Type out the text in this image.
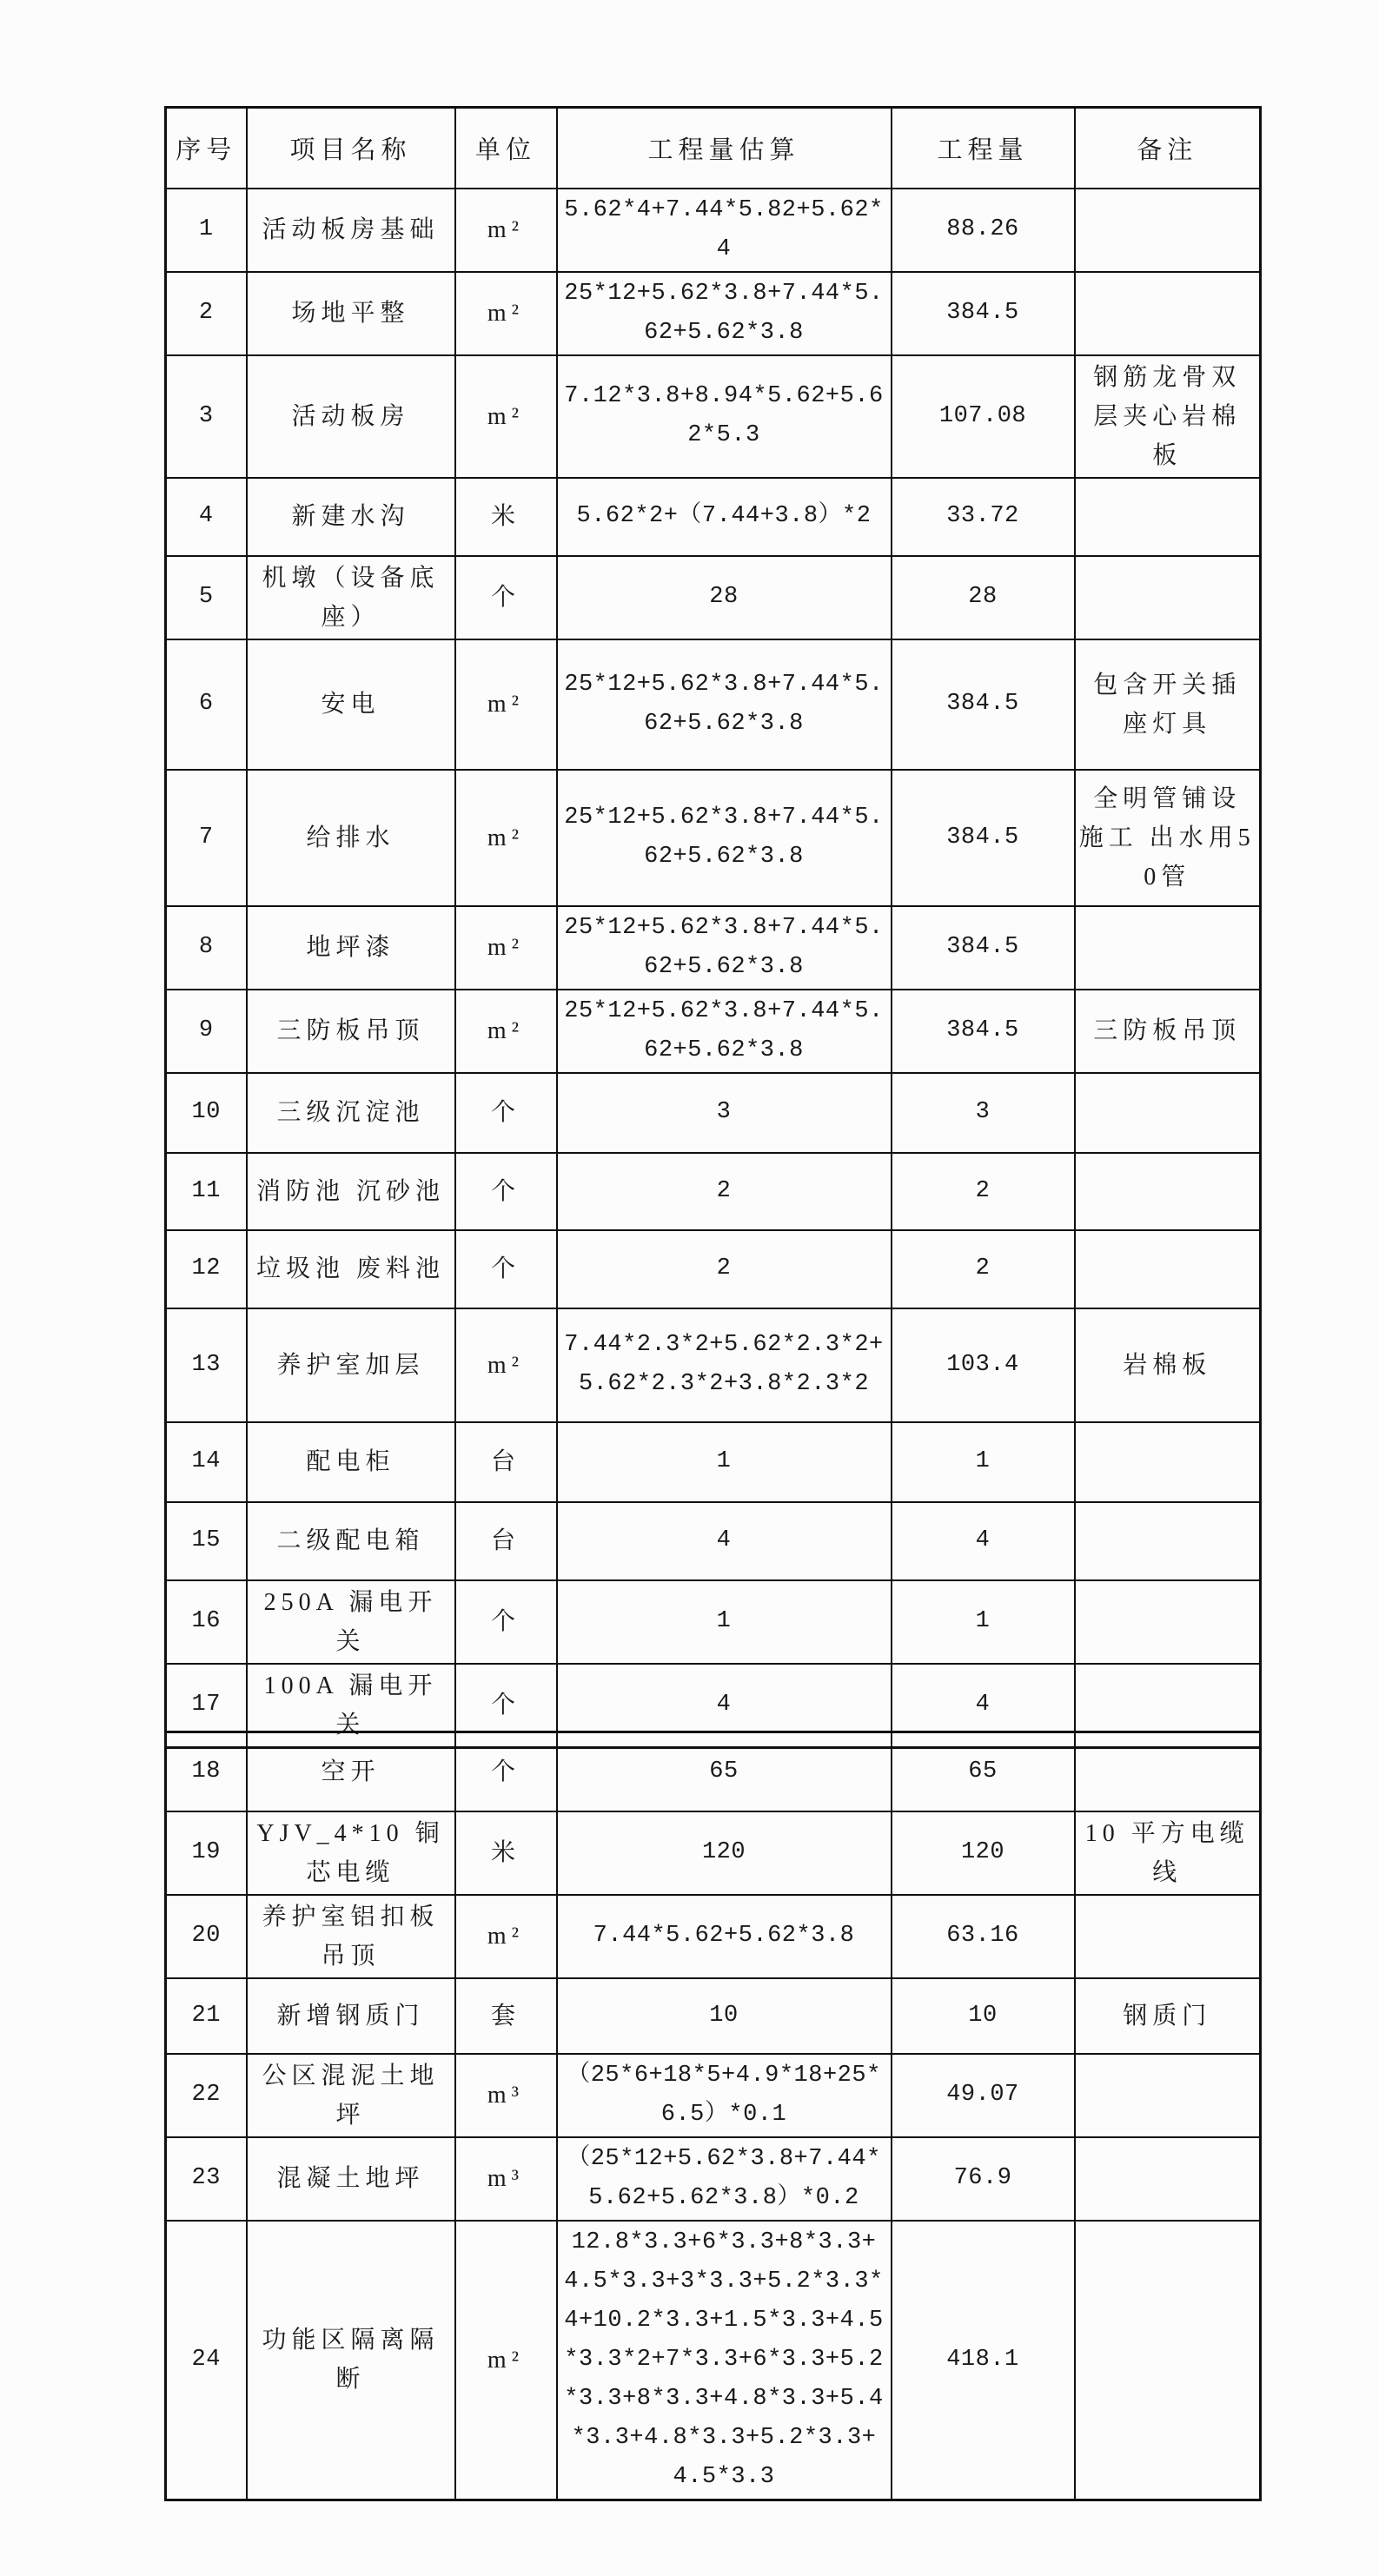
序号	项目名称	单位	工程量估算	工程量	备注
1	活动板房基础	m²	5.62*4+7.44*5.82+5.62*4	88.26	
2	场地平整	m²	25*12+5.62*3.8+7.44*5.62+5.62*3.8	384.5	
3	活动板房	m²	7.12*3.8+8.94*5.62+5.62*5.3	107.08	钢筋龙骨双层夹心岩棉板
4	新建水沟	米	5.62*2+（7.44+3.8）*2	33.72	
5	机墩（设备底座）	个	28	28	
6	安电	m²	25*12+5.62*3.8+7.44*5.62+5.62*3.8	384.5	包含开关插座灯具
7	给排水	m²	25*12+5.62*3.8+7.44*5.62+5.62*3.8	384.5	全明管铺设施工 出水用50管
8	地坪漆	m²	25*12+5.62*3.8+7.44*5.62+5.62*3.8	384.5	
9	三防板吊顶	m²	25*12+5.62*3.8+7.44*5.62+5.62*3.8	384.5	三防板吊顶
10	三级沉淀池	个	3	3	
11	消防池 沉砂池	个	2	2	
12	垃圾池 废料池	个	2	2	
13	养护室加层	m²	7.44*2.3*2+5.62*2.3*2+5.62*2.3*2+3.8*2.3*2	103.4	岩棉板
14	配电柜	台	1	1	
15	二级配电箱	台	4	4	
16	250A 漏电开关	个	1	1	
17	100A 漏电开关	个	4	4	
18	空开	个	65	65	
19	YJV_4*10 铜芯电缆	米	120	120	10 平方电缆线
20	养护室铝扣板吊顶	m²	7.44*5.62+5.62*3.8	63.16	
21	新增钢质门	套	10	10	钢质门
22	公区混泥土地坪	m³	（25*6+18*5+4.9*18+25*6.5）*0.1	49.07	
23	混凝土地坪	m³	（25*12+5.62*3.8+7.44*5.62+5.62*3.8）*0.2	76.9	
24	功能区隔离隔断	m²	12.8*3.3+6*3.3+8*3.3+4.5*3.3+3*3.3+5.2*3.3*4+10.2*3.3+1.5*3.3+4.5*3.3*2+7*3.3+6*3.3+5.2*3.3+8*3.3+4.8*3.3+5.4*3.3+4.8*3.3+5.2*3.3+4.5*3.3	418.1	
